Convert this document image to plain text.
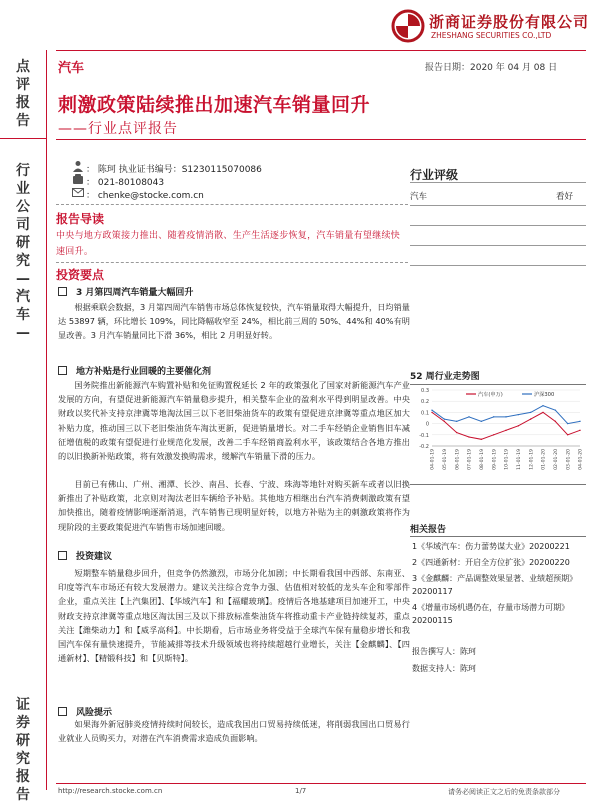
浙商证券股份有限公司
ZHESHANG SECURITIES CO.,LTD
点评报告
行业公司研究—汽车—
证券研究报告
汽车	报告日期：2020 年 04 月 08 日
刺激政策陆续推出加速汽车销量回升
——行业点评报告
： 陈珂 执业证书编号：S1230115070086
： 021-80108043
： chenke@stocke.com.cn
报告导读
中央与地方政策接力推出、随着疫情消散、生产生活逐步恢复，汽车销量有望继续快速回升。
投资要点
3 月第四周汽车销量大幅回升
根据乘联会数据，3 月第四周汽车销售市场总体恢复较快，汽车销量取得大幅提升，日均销量达 53897 辆，环比增长 109%，同比降幅收窄至 24%，相比前三周的 50%、44%和 40%有明显改善。3 月汽车销量同比下滑 36%，相比 2 月明显好转。
地方补贴是行业回暖的主要催化剂
国务院推出新能源汽车购置补贴和免征购置税延长 2 年的政策强化了国家对新能源汽车产业发展的方向，有望促进新能源汽车销量稳步提升，相关整车企业的盈利水平得到明显改善。中央财政以奖代补支持京津冀等地淘汰国三以下老旧柴油货车的政策有望促进京津冀等重点地区加大补贴力度，推动国三以下老旧柴油货车淘汰更新，促进销量增长。对二手车经销企业销售旧车减征增值税的政策有望促进行业规范化发展，改善二手车经销商盈利水平，该政策结合各地方推出的以旧换新补贴政策，将有效激发换购需求，缓解汽车销量下滑的压力。
目前已有佛山、广州、湘潭、长沙、南昌、长春、宁波、珠海等地针对购买新车或者以旧换新推出了补贴政策，北京则对淘汰老旧车辆给予补贴。其他地方相继出台汽车消费刺激政策有望加快推出，随着疫情影响逐渐消退，汽车销售已现明显好转，以地方补贴为主的刺激政策将作为现阶段的主要政策促进汽车销售市场加速回暖。
投资建议
短期整车销量稳步回升，但竞争仍然激烈，市场分化加剧；中长期看我国中西部、东南亚、印度等汽车市场还有较大发展潜力。建议关注综合竞争力强、估值相对较低的龙头车企和零部件企业，重点关注【上汽集团】、【华域汽车】和【福耀玻璃】。疫情后各地基建项目加速开工，中央财政支持京津冀等重点地区淘汰国三及以下排放标准柴油货车将推动重卡产业链持续复苏，重点关注【潍柴动力】和【威孚高科】。中长期看，后市场业务将受益于全球汽车保有量稳步增长和我国汽车保有量快速提升，节能减排等技术升级领域也将持续超越行业增长，关注【金麒麟】、【四通新材】、【精锻科技】和【贝斯特】。
风险提示
如果海外新冠肺炎疫情持续时间较长，造成我国出口贸易持续低迷，将削弱我国出口贸易行业就业人员购买力，对潜在汽车消费需求造成负面影响。
行业评级
汽车	看好
52 周行业走势图
0.3
0.2
0.1
0
-0.1
-0.2
04-01-19 05-01-19 06-01-19 07-01-19 08-01-19 09-01-19 10-01-19 11-01-19 12-01-19 01-01-20 02-01-20 03-01-20 04-01-20
汽车(申万)	沪深300
相关报告
1《华域汽车：伤力蕾势谋大业》20200221
2《四通新材：开启全方位扩张》20200220
3《金麒麟：产品调整效果显著、业绩超预期》20200117
4《增量市场机遇仍在，存量市场潜力可期》20200115
报告撰写人：陈珂
数据支持人：陈珂
http://research.stocke.com.cn	1/7	请务必阅读正文之后的免责条款部分
